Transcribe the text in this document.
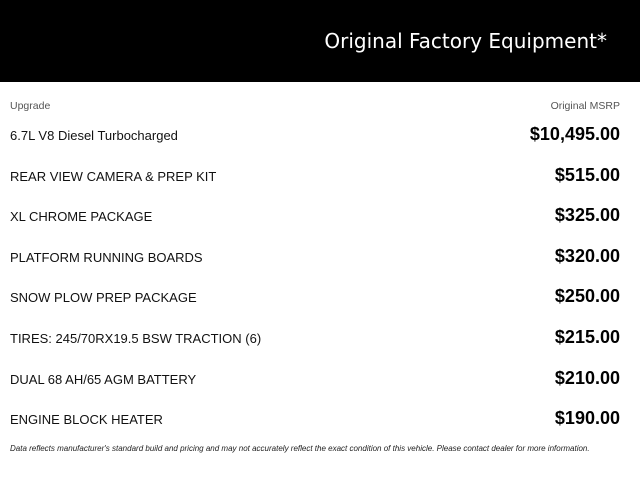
Original Factory Equipment*
Upgrade	Original MSRP
6.7L V8 Diesel Turbocharged	$10,495.00
REAR VIEW CAMERA & PREP KIT	$515.00
XL CHROME PACKAGE	$325.00
PLATFORM RUNNING BOARDS	$320.00
SNOW PLOW PREP PACKAGE	$250.00
TIRES: 245/70RX19.5 BSW TRACTION (6)	$215.00
DUAL 68 AH/65 AGM BATTERY	$210.00
ENGINE BLOCK HEATER	$190.00
Data reflects manufacturer's standard build and pricing and may not accurately reflect the exact condition of this vehicle. Please contact dealer for more information.
